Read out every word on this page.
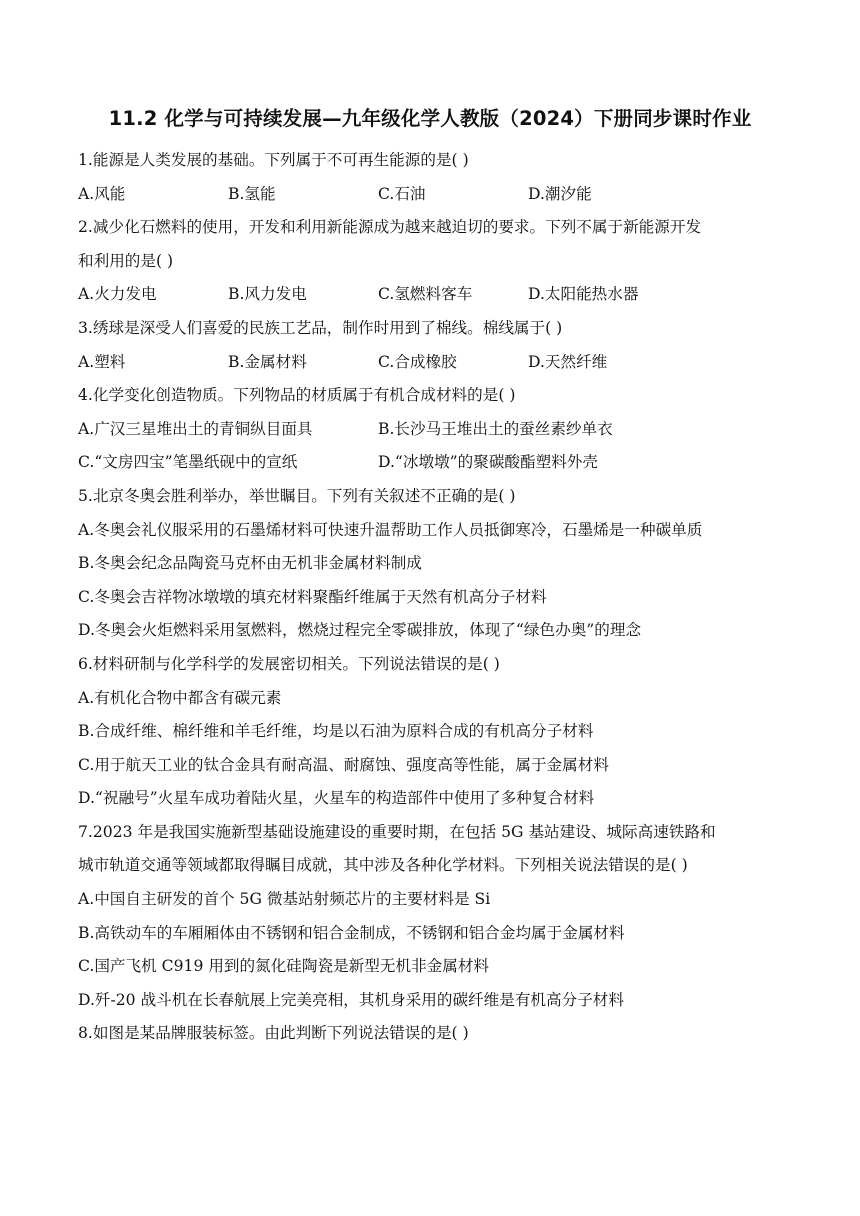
11.2 化学与可持续发展—九年级化学人教版（2024）下册同步课时作业
1.能源是人类发展的基础。下列属于不可再生能源的是( )
A.风能	B.氢能	C.石油	D.潮汐能
2.减少化石燃料的使用，开发和利用新能源成为越来越迫切的要求。下列不属于新能源开发
和利用的是( )
A.火力发电	B.风力发电	C.氢燃料客车	D.太阳能热水器
3.绣球是深受人们喜爱的民族工艺品，制作时用到了棉线。棉线属于( )
A.塑料	B.金属材料	C.合成橡胶	D.天然纤维
4.化学变化创造物质。下列物品的材质属于有机合成材料的是( )
A.广汉三星堆出土的青铜纵目面具	B.长沙马王堆出土的蚕丝素纱单衣
C.“文房四宝”笔墨纸砚中的宣纸	D.“冰墩墩”的聚碳酸酯塑料外壳
5.北京冬奥会胜利举办，举世瞩目。下列有关叙述不正确的是( )
A.冬奥会礼仪服采用的石墨烯材料可快速升温帮助工作人员抵御寒冷，石墨烯是一种碳单质
B.冬奥会纪念品陶瓷马克杯由无机非金属材料制成
C.冬奥会吉祥物冰墩墩的填充材料聚酯纤维属于天然有机高分子材料
D.冬奥会火炬燃料采用氢燃料，燃烧过程完全零碳排放，体现了“绿色办奥”的理念
6.材料研制与化学科学的发展密切相关。下列说法错误的是( )
A.有机化合物中都含有碳元素
B.合成纤维、棉纤维和羊毛纤维，均是以石油为原料合成的有机高分子材料
C.用于航天工业的钛合金具有耐高温、耐腐蚀、强度高等性能，属于金属材料
D.“祝融号”火星车成功着陆火星，火星车的构造部件中使用了多种复合材料
7.2023 年是我国实施新型基础设施建设的重要时期，在包括 5G 基站建设、城际高速铁路和
城市轨道交通等领域都取得瞩目成就，其中涉及各种化学材料。下列相关说法错误的是( )
A.中国自主研发的首个 5G 微基站射频芯片的主要材料是 Si
B.高铁动车的车厢厢体由不锈钢和铝合金制成，不锈钢和铝合金均属于金属材料
C.国产飞机 C919 用到的氮化硅陶瓷是新型无机非金属材料
D.歼-20 战斗机在长春航展上完美亮相，其机身采用的碳纤维是有机高分子材料
8.如图是某品牌服装标签。由此判断下列说法错误的是( )
